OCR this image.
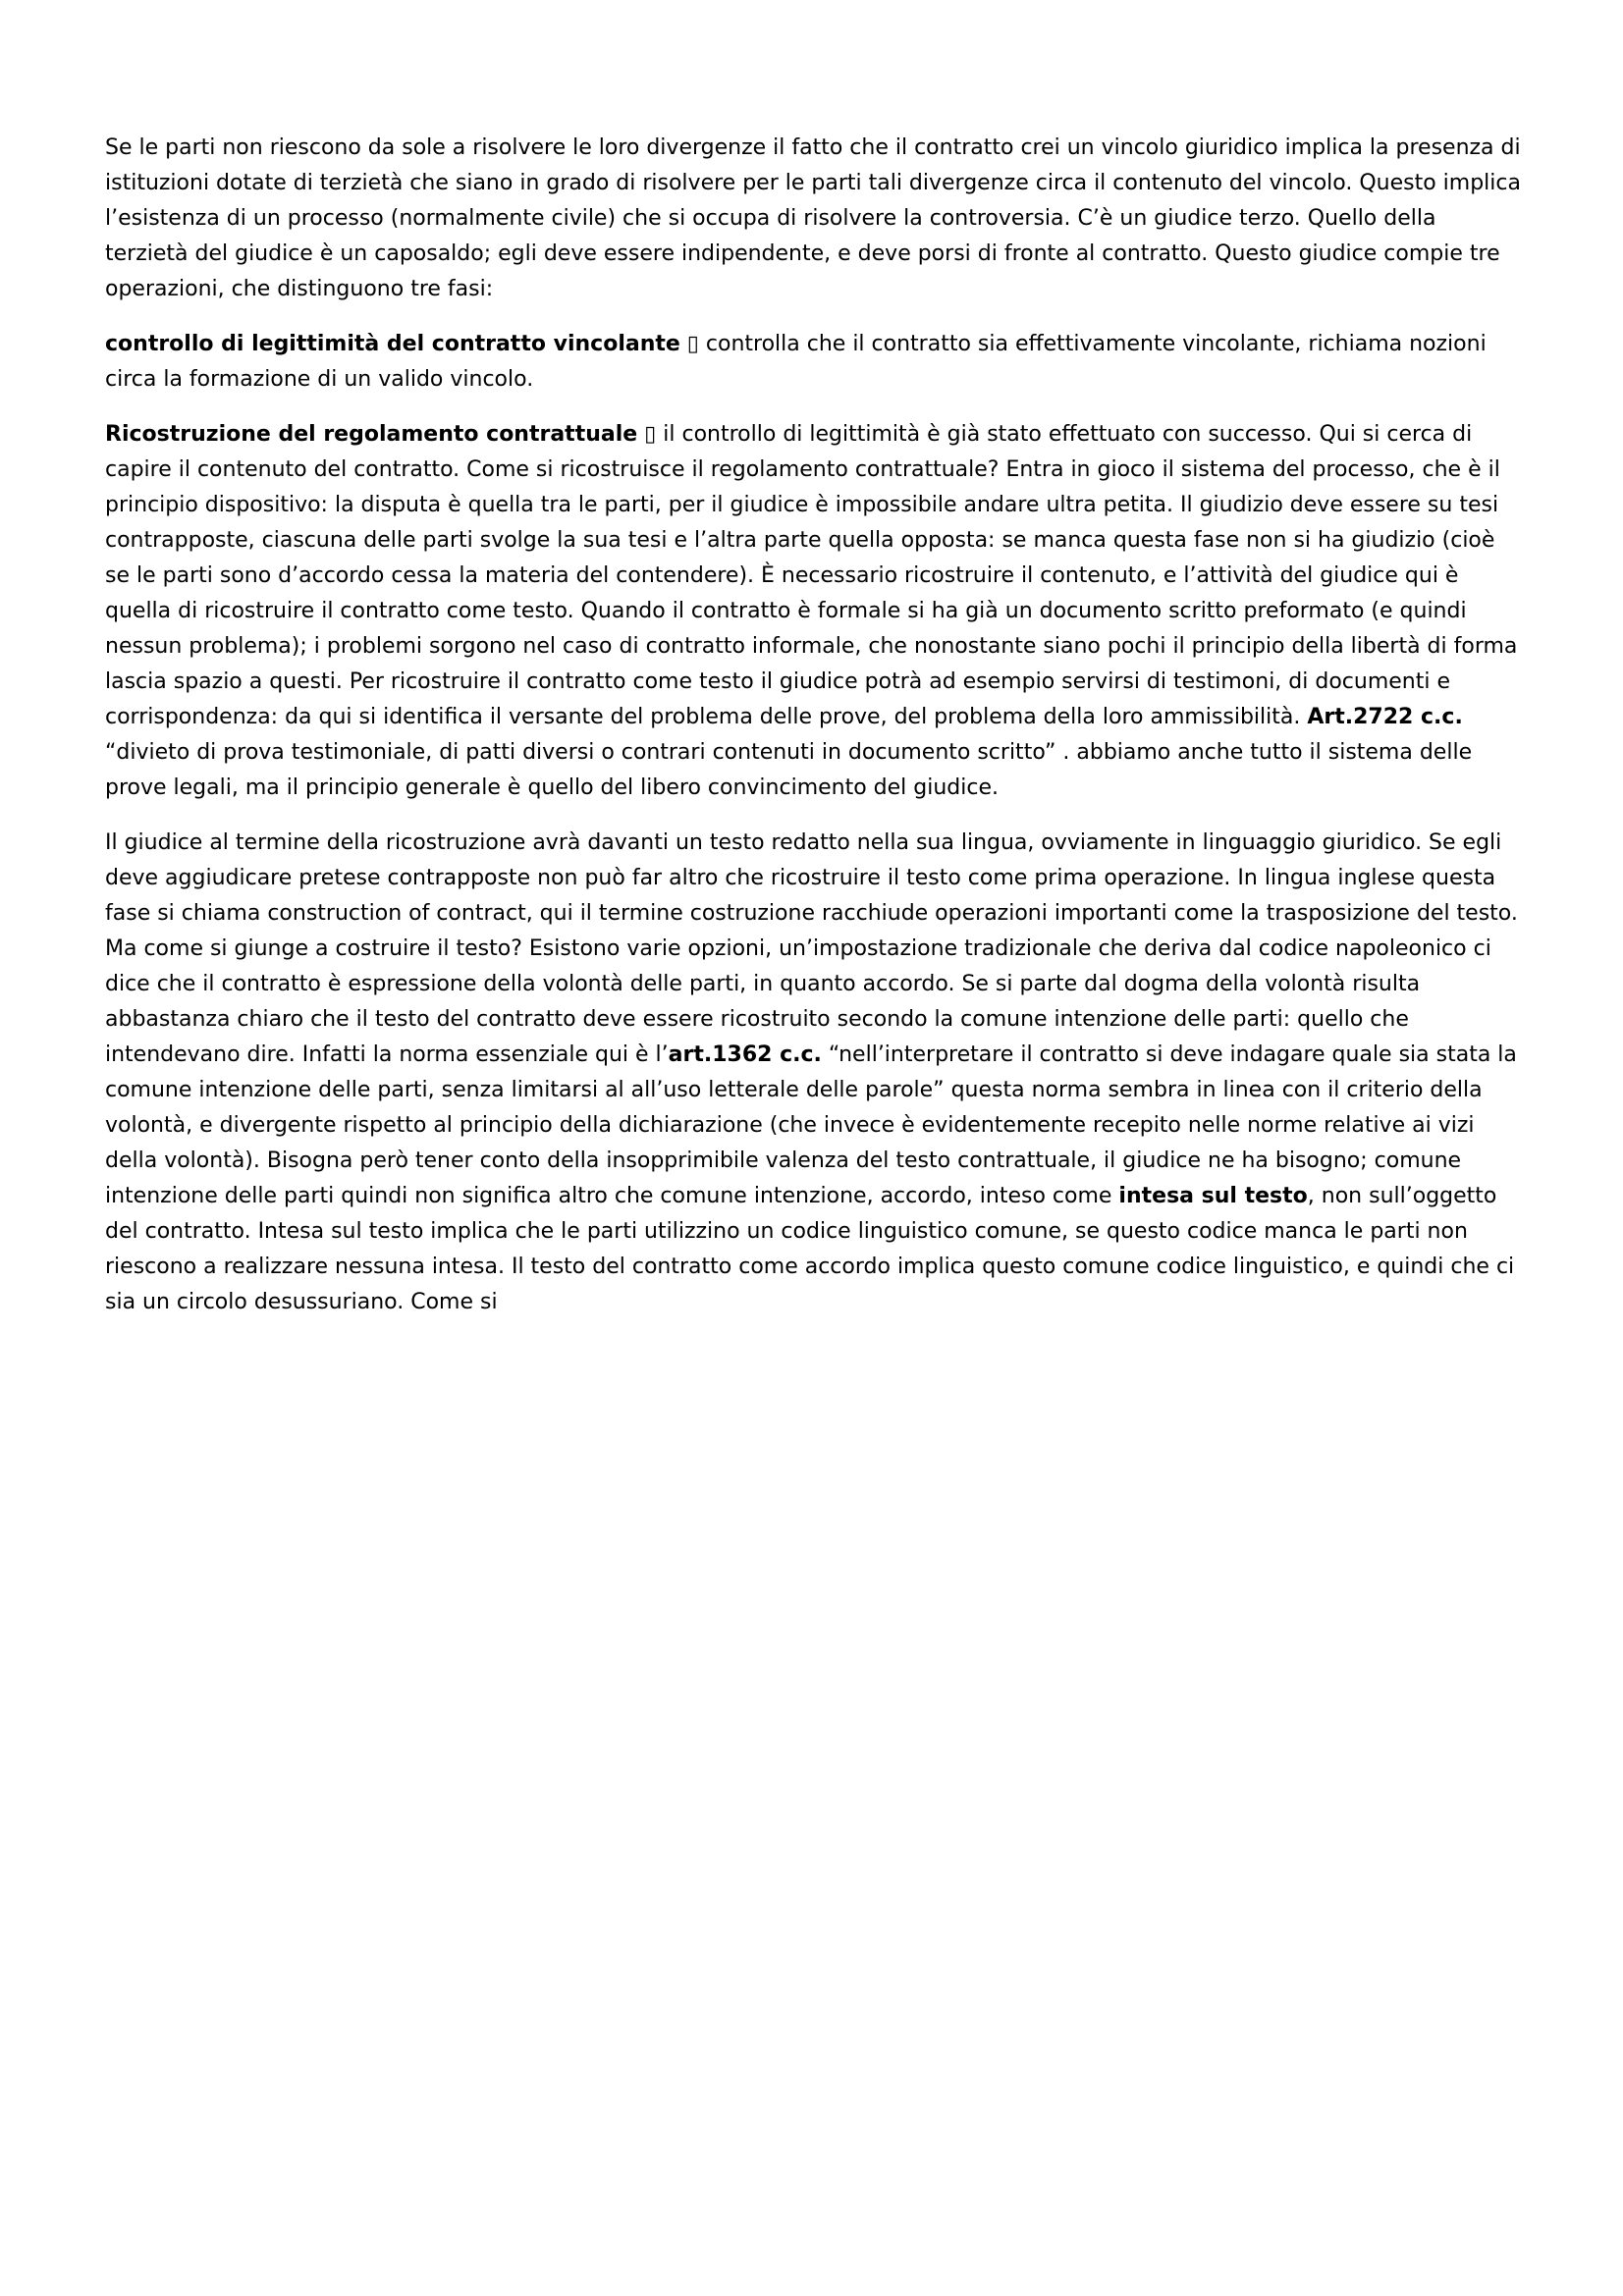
Se le parti non riescono da sole a risolvere le loro divergenze il fatto che il contratto crei un vincolo giuridico implica la presenza di istituzioni dotate di terzietà che siano in grado di risolvere per le parti tali divergenze circa il contenuto del vincolo. Questo implica l’esistenza di un processo (normalmente civile) che si occupa di risolvere la controversia. C’è un giudice terzo. Quello della terzietà del giudice è un caposaldo; egli deve essere indipendente, e deve porsi di fronte al contratto. Questo giudice compie tre operazioni, che distinguono tre fasi:

controllo di legittimità del contratto vincolante ▯ controlla che il contratto sia effettivamente vincolante, richiama nozioni circa la formazione di un valido vincolo.

Ricostruzione del regolamento contrattuale ▯ il controllo di legittimità è già stato effettuato con successo. Qui si cerca di capire il contenuto del contratto. Come si ricostruisce il regolamento contrattuale? Entra in gioco il sistema del processo, che è il principio dispositivo: la disputa è quella tra le parti, per il giudice è impossibile andare ultra petita. Il giudizio deve essere su tesi contrapposte, ciascuna delle parti svolge la sua tesi e l’altra parte quella opposta: se manca questa fase non si ha giudizio (cioè se le parti sono d’accordo cessa la materia del contendere). È necessario ricostruire il contenuto, e l’attività del giudice qui è quella di ricostruire il contratto come testo. Quando il contratto è formale si ha già un documento scritto preformato (e quindi nessun problema); i problemi sorgono nel caso di contratto informale, che nonostante siano pochi il principio della libertà di forma lascia spazio a questi. Per ricostruire il contratto come testo il giudice potrà ad esempio servirsi di testimoni, di documenti e corrispondenza: da qui si identifica il versante del problema delle prove, del problema della loro ammissibilità. Art.2722 c.c. “divieto di prova testimoniale, di patti diversi o contrari contenuti in documento scritto” . abbiamo anche tutto il sistema delle prove legali, ma il principio generale è quello del libero convincimento del giudice.

Il giudice al termine della ricostruzione avrà davanti un testo redatto nella sua lingua, ovviamente in linguaggio giuridico. Se egli deve aggiudicare pretese contrapposte non può far altro che ricostruire il testo come prima operazione. In lingua inglese questa fase si chiama construction of contract, qui il termine costruzione racchiude operazioni importanti come la trasposizione del testo. Ma come si giunge a costruire il testo? Esistono varie opzioni, un’impostazione tradizionale che deriva dal codice napoleonico ci dice che il contratto è espressione della volontà delle parti, in quanto accordo. Se si parte dal dogma della volontà risulta abbastanza chiaro che il testo del contratto deve essere ricostruito secondo la comune intenzione delle parti: quello che intendevano dire. Infatti la norma essenziale qui è l’art.1362 c.c. “nell’interpretare il contratto si deve indagare quale sia stata la comune intenzione delle parti, senza limitarsi al all’uso letterale delle parole” questa norma sembra in linea con il criterio della volontà, e divergente rispetto al principio della dichiarazione (che invece è evidentemente recepito nelle norme relative ai vizi della volontà). Bisogna però tener conto della insopprimibile valenza del testo contrattuale, il giudice ne ha bisogno; comune intenzione delle parti quindi non significa altro che comune intenzione, accordo, inteso come intesa sul testo, non sull’oggetto del contratto. Intesa sul testo implica che le parti utilizzino un codice linguistico comune, se questo codice manca le parti non riescono a realizzare nessuna intesa. Il testo del contratto come accordo implica questo comune codice linguistico, e quindi che ci sia un circolo desussuriano. Come si
